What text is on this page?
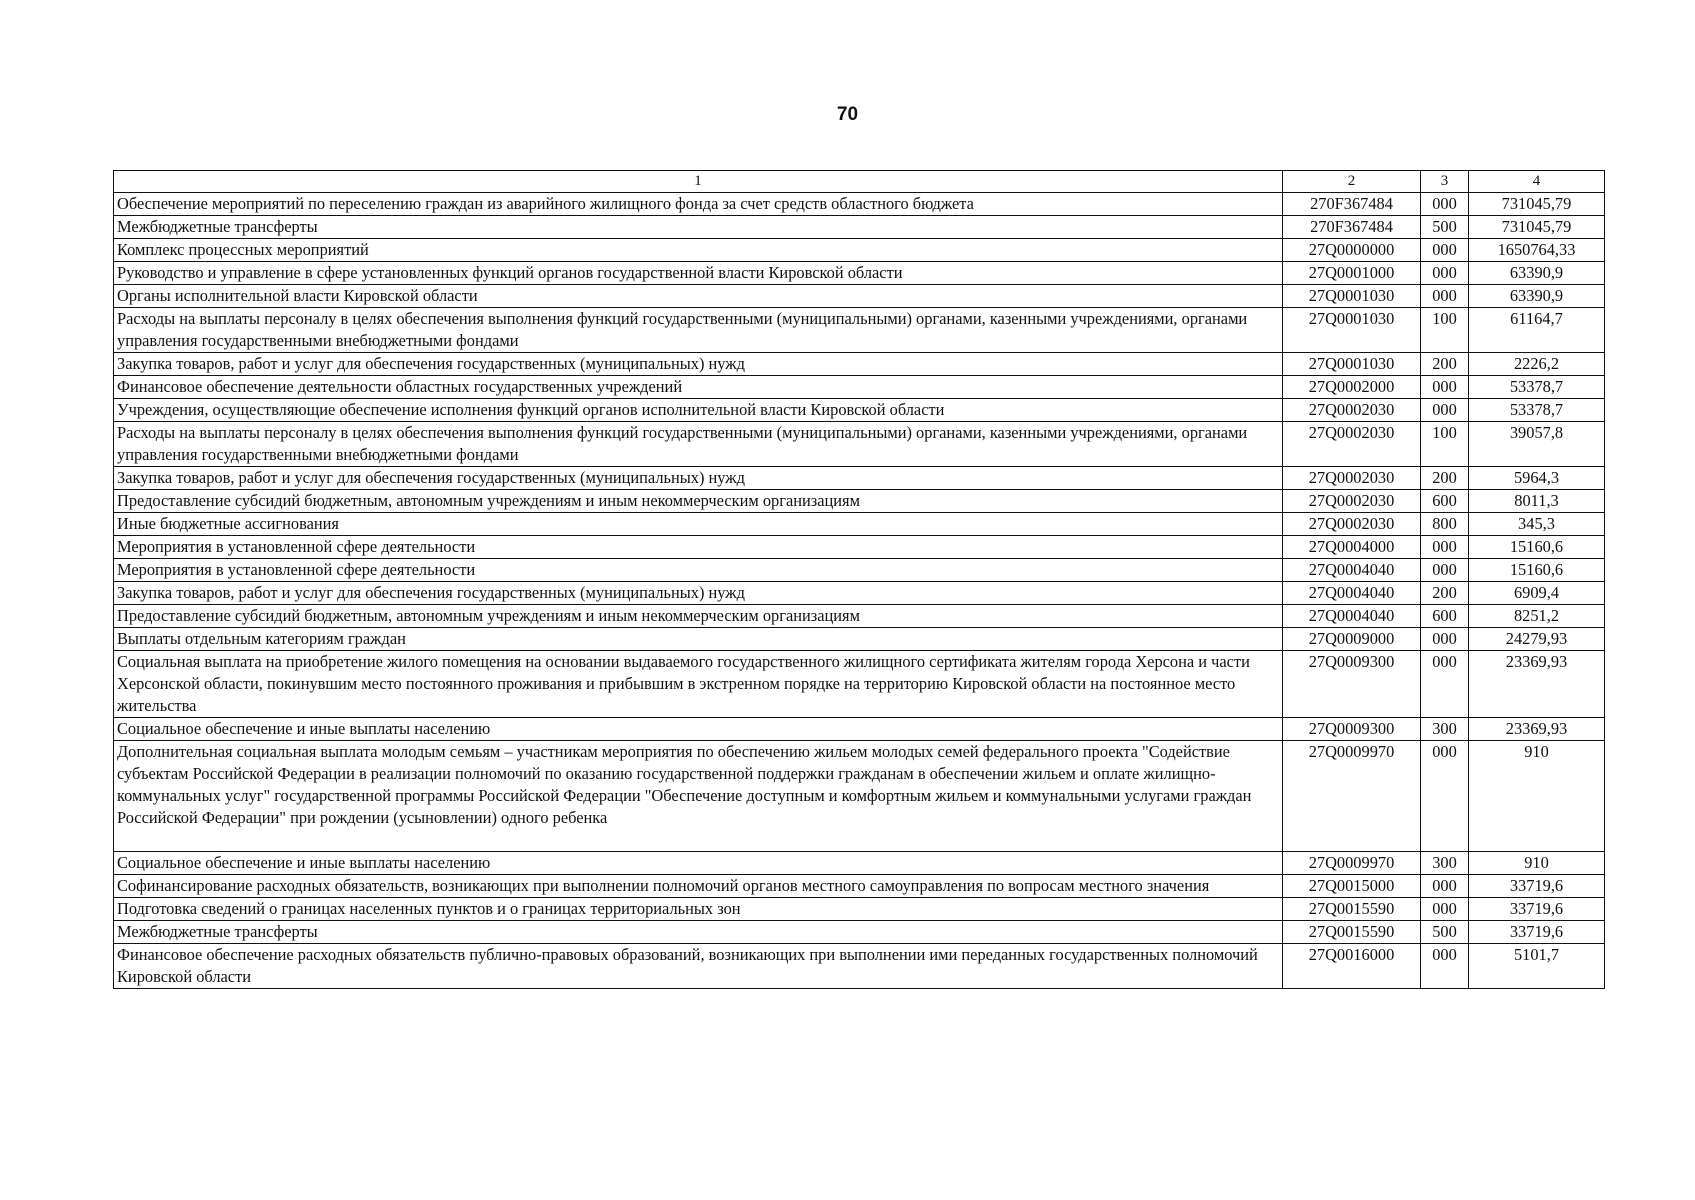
70
1	2	3	4
Обеспечение мероприятий по переселению граждан из аварийного жилищного фонда за счет средств областного бюджета	270F367484	000	731045,79
Межбюджетные трансферты	270F367484	500	731045,79
Комплекс процессных мероприятий	27Q0000000	000	1650764,33
Руководство и управление в сфере установленных функций органов государственной власти Кировской области	27Q0001000	000	63390,9
Органы исполнительной власти Кировской области	27Q0001030	000	63390,9
Расходы на выплаты персоналу в целях обеспечения выполнения функций государственными (муниципальными) органами, казенными учреждениями, органами управления государственными внебюджетными фондами	27Q0001030	100	61164,7
Закупка товаров, работ и услуг для обеспечения государственных (муниципальных) нужд	27Q0001030	200	2226,2
Финансовое обеспечение деятельности областных государственных учреждений	27Q0002000	000	53378,7
Учреждения, осуществляющие обеспечение исполнения функций органов исполнительной власти Кировской области	27Q0002030	000	53378,7
Расходы на выплаты персоналу в целях обеспечения выполнения функций государственными (муниципальными) органами, казенными учреждениями, органами управления государственными внебюджетными фондами	27Q0002030	100	39057,8
Закупка товаров, работ и услуг для обеспечения государственных (муниципальных) нужд	27Q0002030	200	5964,3
Предоставление субсидий бюджетным, автономным учреждениям и иным некоммерческим организациям	27Q0002030	600	8011,3
Иные бюджетные ассигнования	27Q0002030	800	345,3
Мероприятия в установленной сфере деятельности	27Q0004000	000	15160,6
Мероприятия в установленной сфере деятельности	27Q0004040	000	15160,6
Закупка товаров, работ и услуг для обеспечения государственных (муниципальных) нужд	27Q0004040	200	6909,4
Предоставление субсидий бюджетным, автономным учреждениям и иным некоммерческим организациям	27Q0004040	600	8251,2
Выплаты отдельным категориям граждан	27Q0009000	000	24279,93
Социальная выплата на приобретение жилого помещения на основании выдаваемого государственного жилищного сертификата жителям города Херсона и части Херсонской области, покинувшим место постоянного проживания и прибывшим в экстренном порядке на территорию Кировской области на постоянное место жительства	27Q0009300	000	23369,93
Социальное обеспечение и иные выплаты населению	27Q0009300	300	23369,93
Дополнительная социальная выплата молодым семьям – участникам мероприятия по обеспечению жильем молодых семей федерального проекта "Содействие субъектам Российской Федерации в реализации полномочий по оказанию государственной поддержки гражданам в обеспечении жильем и оплате жилищно-коммунальных услуг" государственной программы Российской Федерации "Обеспечение доступным и комфортным жильем и коммунальными услугами граждан Российской Федерации" при рождении (усыновлении) одного ребенка	27Q0009970	000	910
Социальное обеспечение и иные выплаты населению	27Q0009970	300	910
Софинансирование расходных обязательств, возникающих при выполнении полномочий органов местного самоуправления по вопросам местного значения	27Q0015000	000	33719,6
Подготовка сведений о границах населенных пунктов и о границах территориальных зон	27Q0015590	000	33719,6
Межбюджетные трансферты	27Q0015590	500	33719,6
Финансовое обеспечение расходных обязательств публично-правовых образований, возникающих при выполнении ими переданных государственных полномочий Кировской области	27Q0016000	000	5101,7
